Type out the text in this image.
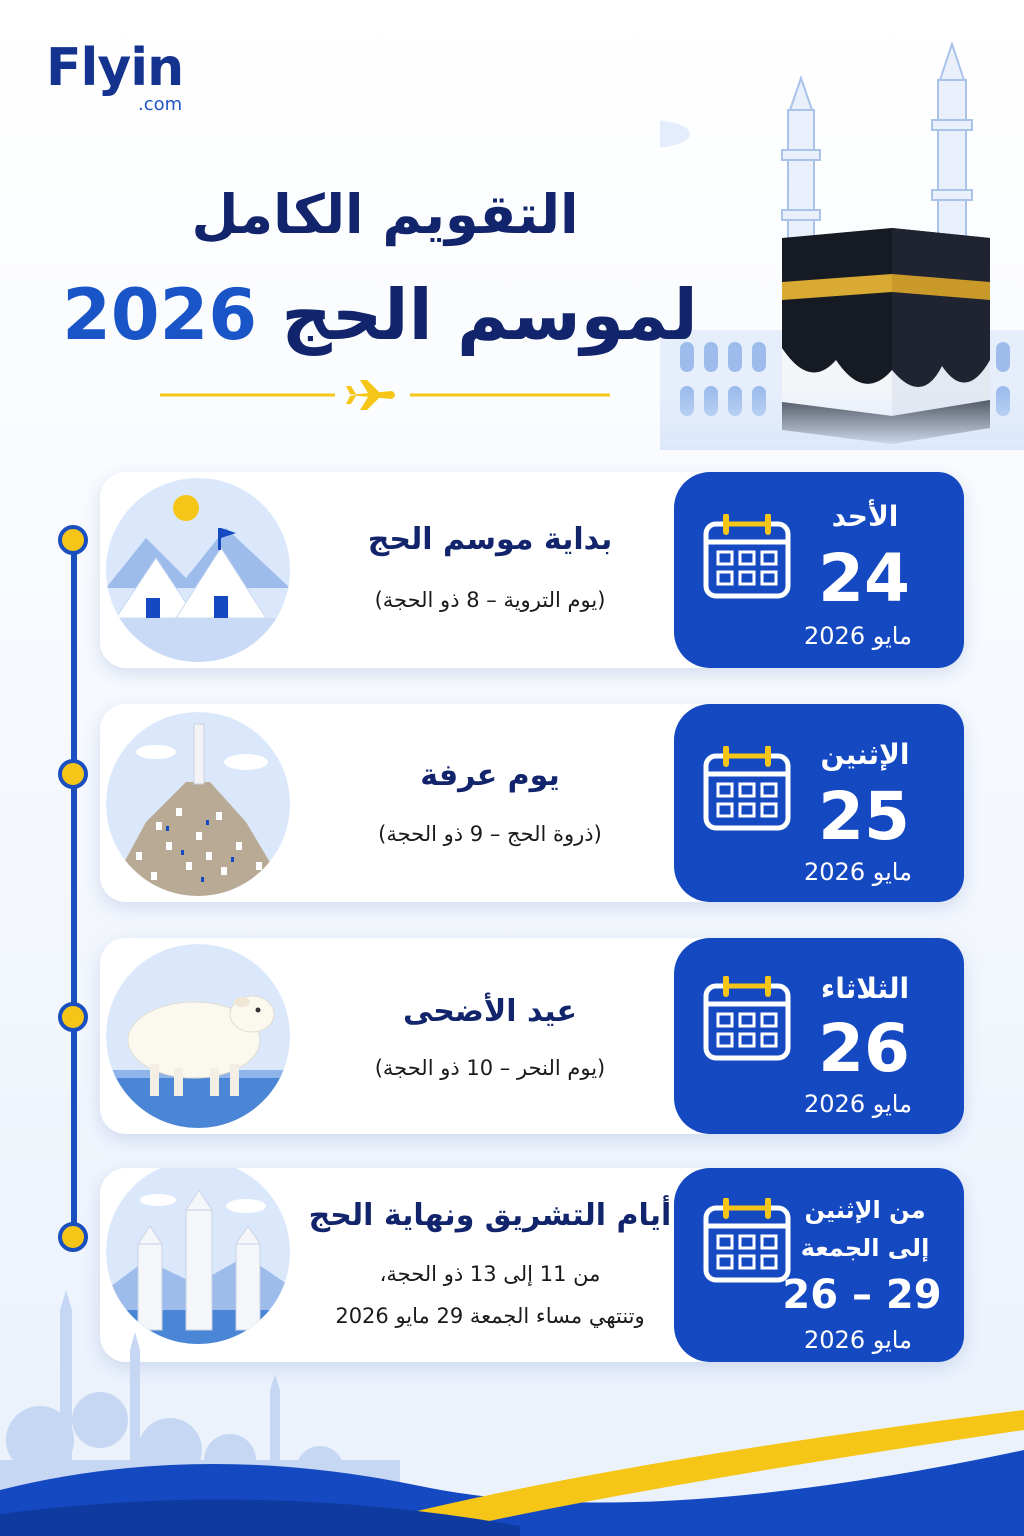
Flyin
.com
التقويم الكامل
لموسم الحج 2026
بداية موسم الحج
(يوم التروية – 8 ذو الحجة)
الأحد
24
مايو 2026
يوم عرفة
(ذروة الحج – 9 ذو الحجة)
الإثنين
25
مايو 2026
عيد الأضحى
(يوم النحر – 10 ذو الحجة)
الثلاثاء
26
مايو 2026
أيام التشريق ونهاية الحج
من 11 إلى 13 ذو الحجة،
وتنتهي مساء الجمعة 29 مايو 2026
من الإثنين
إلى الجمعة
26 – 29
مايو 2026
